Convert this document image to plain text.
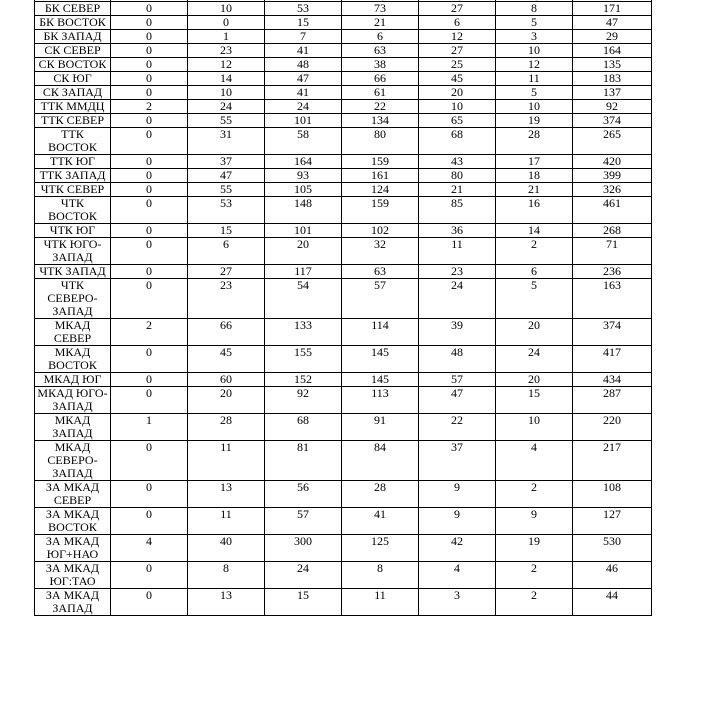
БК СЕВЕР	0	10	53	73	27	8	171
БК ВОСТОК	0	0	15	21	6	5	47
БК ЗАПАД	0	1	7	6	12	3	29
СК СЕВЕР	0	23	41	63	27	10	164
СК ВОСТОК	0	12	48	38	25	12	135
СК ЮГ	0	14	47	66	45	11	183
СК ЗАПАД	0	10	41	61	20	5	137
ТТК ММДЦ	2	24	24	22	10	10	92
ТТК СЕВЕР	0	55	101	134	65	19	374
ТТК ВОСТОК	0	31	58	80	68	28	265
ТТК ЮГ	0	37	164	159	43	17	420
ТТК ЗАПАД	0	47	93	161	80	18	399
ЧТК СЕВЕР	0	55	105	124	21	21	326
ЧТК ВОСТОК	0	53	148	159	85	16	461
ЧТК ЮГ	0	15	101	102	36	14	268
ЧТК ЮГО-ЗАПАД	0	6	20	32	11	2	71
ЧТК ЗАПАД	0	27	117	63	23	6	236
ЧТК СЕВЕРО-ЗАПАД	0	23	54	57	24	5	163
МКАД СЕВЕР	2	66	133	114	39	20	374
МКАД ВОСТОК	0	45	155	145	48	24	417
МКАД ЮГ	0	60	152	145	57	20	434
МКАД ЮГО-ЗАПАД	0	20	92	113	47	15	287
МКАД ЗАПАД	1	28	68	91	22	10	220
МКАД СЕВЕРО-ЗАПАД	0	11	81	84	37	4	217
ЗА МКАД СЕВЕР	0	13	56	28	9	2	108
ЗА МКАД ВОСТОК	0	11	57	41	9	9	127
ЗА МКАД ЮГ+НАО	4	40	300	125	42	19	530
ЗА МКАД ЮГ:ТАО	0	8	24	8	4	2	46
ЗА МКАД ЗАПАД	0	13	15	11	3	2	44
